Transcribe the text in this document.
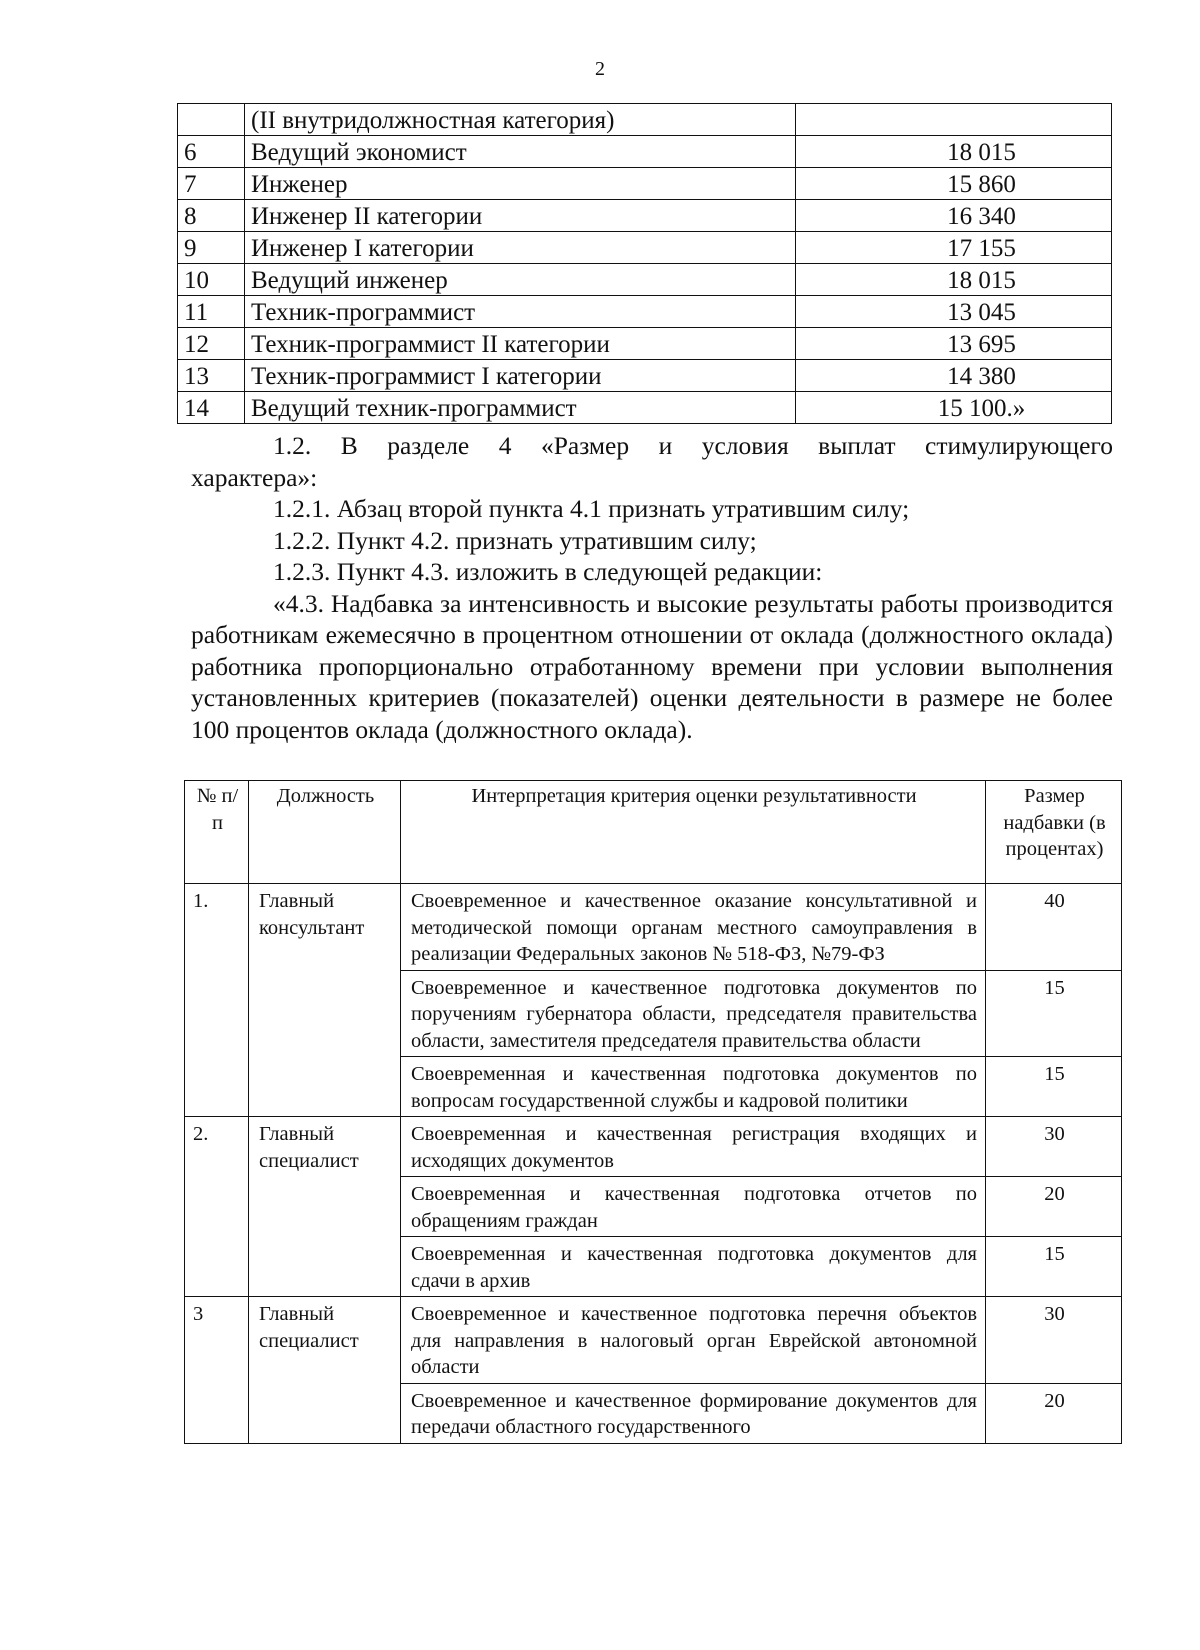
2
	(II внутридолжностная категория)	
6	Ведущий экономист	18 015
7	Инженер	15 860
8	Инженер II категории	16 340
9	Инженер I категории	17 155
10	Ведущий инженер	18 015
11	Техник-программист	13 045
12	Техник-программист II категории	13 695
13	Техник-программист I категории	14 380
14	Ведущий техник-программист	15 100.»

1.2. В разделе 4 «Размер и условия выплат стимулирующего

характера»:

1.2.1. Абзац второй пункта 4.1 признать утратившим силу;

1.2.2. Пункт 4.2. признать утратившим силу;

1.2.3. Пункт 4.3. изложить в следующей редакции:

«4.3. Надбавка за интенсивность и высокие результаты работы производится работникам ежемесячно в процентном отношении от оклада (должностного оклада) работника пропорционально отработанному времени при условии выполнения установленных критериев (показателей) оценки деятельности в размере не более 100 процентов оклада (должностного оклада).

№ п/п	Должность	Интерпретация критерия оценки результативности	Размер надбавки (в процентах)
1.	Главный консультант	Своевременное и качественное оказание консультативной и методической помощи органам местного самоуправления в реализации Федеральных законов № 518-ФЗ, №79-ФЗ	40
		Своевременное и качественное подготовка документов по поручениям губернатора области, председателя правительства области, заместителя председателя правительства области	15
		Своевременная и качественная подготовка документов по вопросам государственной службы и кадровой политики	15
2.	Главный специалист	Своевременная и качественная регистрация входящих и исходящих документов	30
		Своевременная и качественная подготовка отчетов по обращениям граждан	20
		Своевременная и качественная подготовка документов для сдачи в архив	15
3	Главный специалист	Своевременное и качественное подготовка перечня объектов для направления в налоговый орган Еврейской автономной области	30
		Своевременное и качественное формирование документов для передачи областного государственного	20
